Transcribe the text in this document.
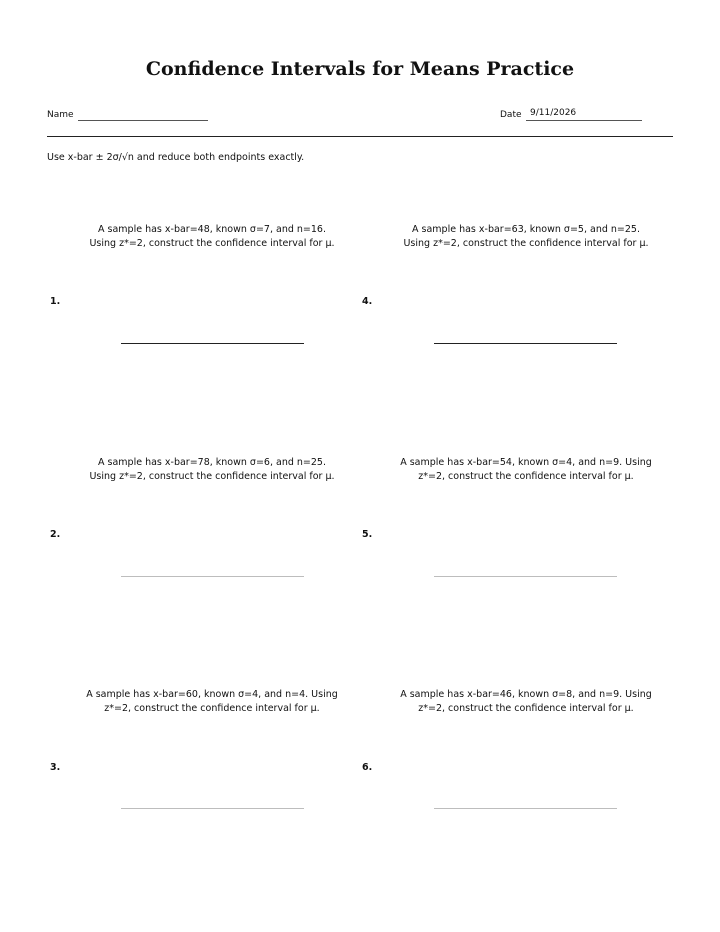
Confidence Intervals for Means Practice
Name	Date 9/11/2026
Use x-bar ± 2σ/√n and reduce both endpoints exactly.
A sample has x-bar=48, known σ=7, and n=16.
Using z*=2, construct the confidence interval for μ.
1.
A sample has x-bar=63, known σ=5, and n=25.
Using z*=2, construct the confidence interval for μ.
4.
A sample has x-bar=78, known σ=6, and n=25.
Using z*=2, construct the confidence interval for μ.
2.
A sample has x-bar=54, known σ=4, and n=9. Using
z*=2, construct the confidence interval for μ.
5.
A sample has x-bar=60, known σ=4, and n=4. Using
z*=2, construct the confidence interval for μ.
3.
A sample has x-bar=46, known σ=8, and n=9. Using
z*=2, construct the confidence interval for μ.
6.
